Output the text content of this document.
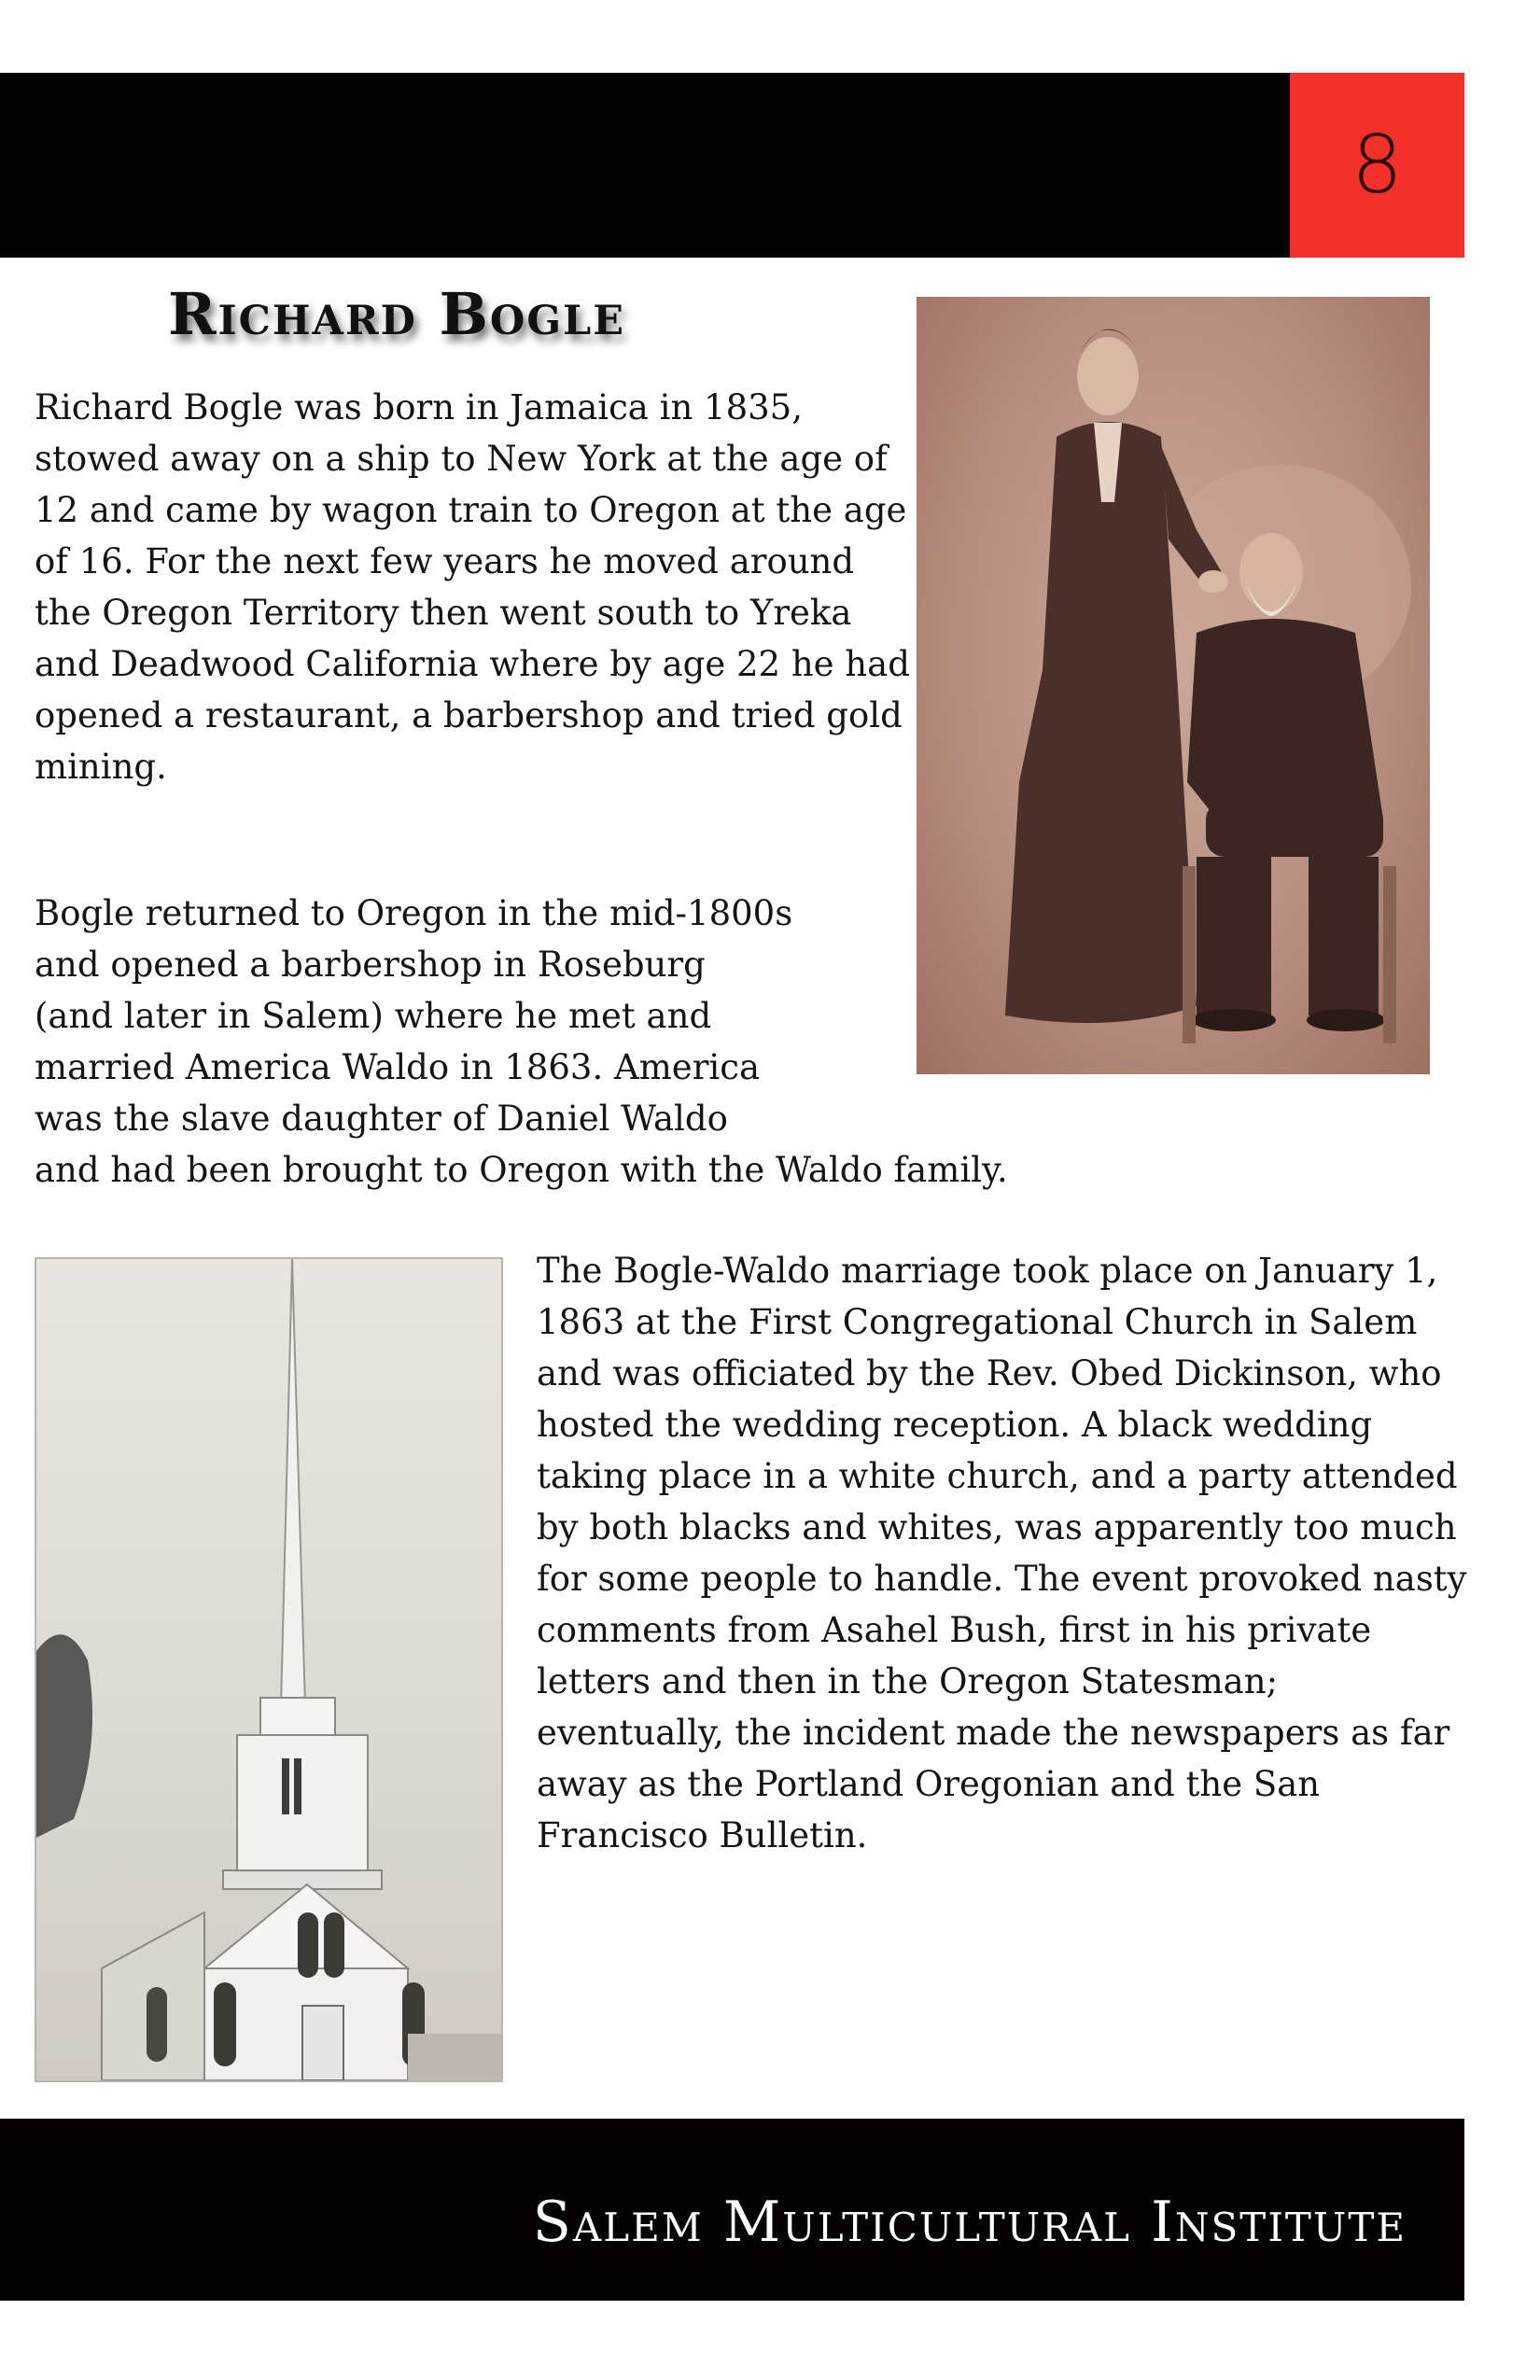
8
Richard Bogle

Richard Bogle was born in Jamaica in 1835, stowed away on a ship to New York at the age of 12 and came by wagon train to Oregon at the age of 16. For the next few years he moved around the Oregon Territory then went south to Yreka and Deadwood California where by age 22 he had opened a restaurant, a barbershop and tried gold mining.

Bogle returned to Oregon in the mid-1800s
and opened a barbershop in Roseburg
(and later in Salem) where he met and
married America Waldo in 1863. America
was the slave daughter of Daniel Waldo
and had been brought to Oregon with the Waldo family.

The Bogle-Waldo marriage took place on January 1, 1863 at the First Congregational Church in Salem and was officiated by the Rev. Obed Dickinson, who hosted the wedding reception. A black wedding taking place in a white church, and a party attended by both blacks and whites, was apparently too much for some people to handle. The event provoked nasty comments from Asahel Bush, first in his private letters and then in the Oregon Statesman; eventually, the incident made the newspapers as far away as the Portland Oregonian and the San Francisco Bulletin.

Salem Multicultural Institute
